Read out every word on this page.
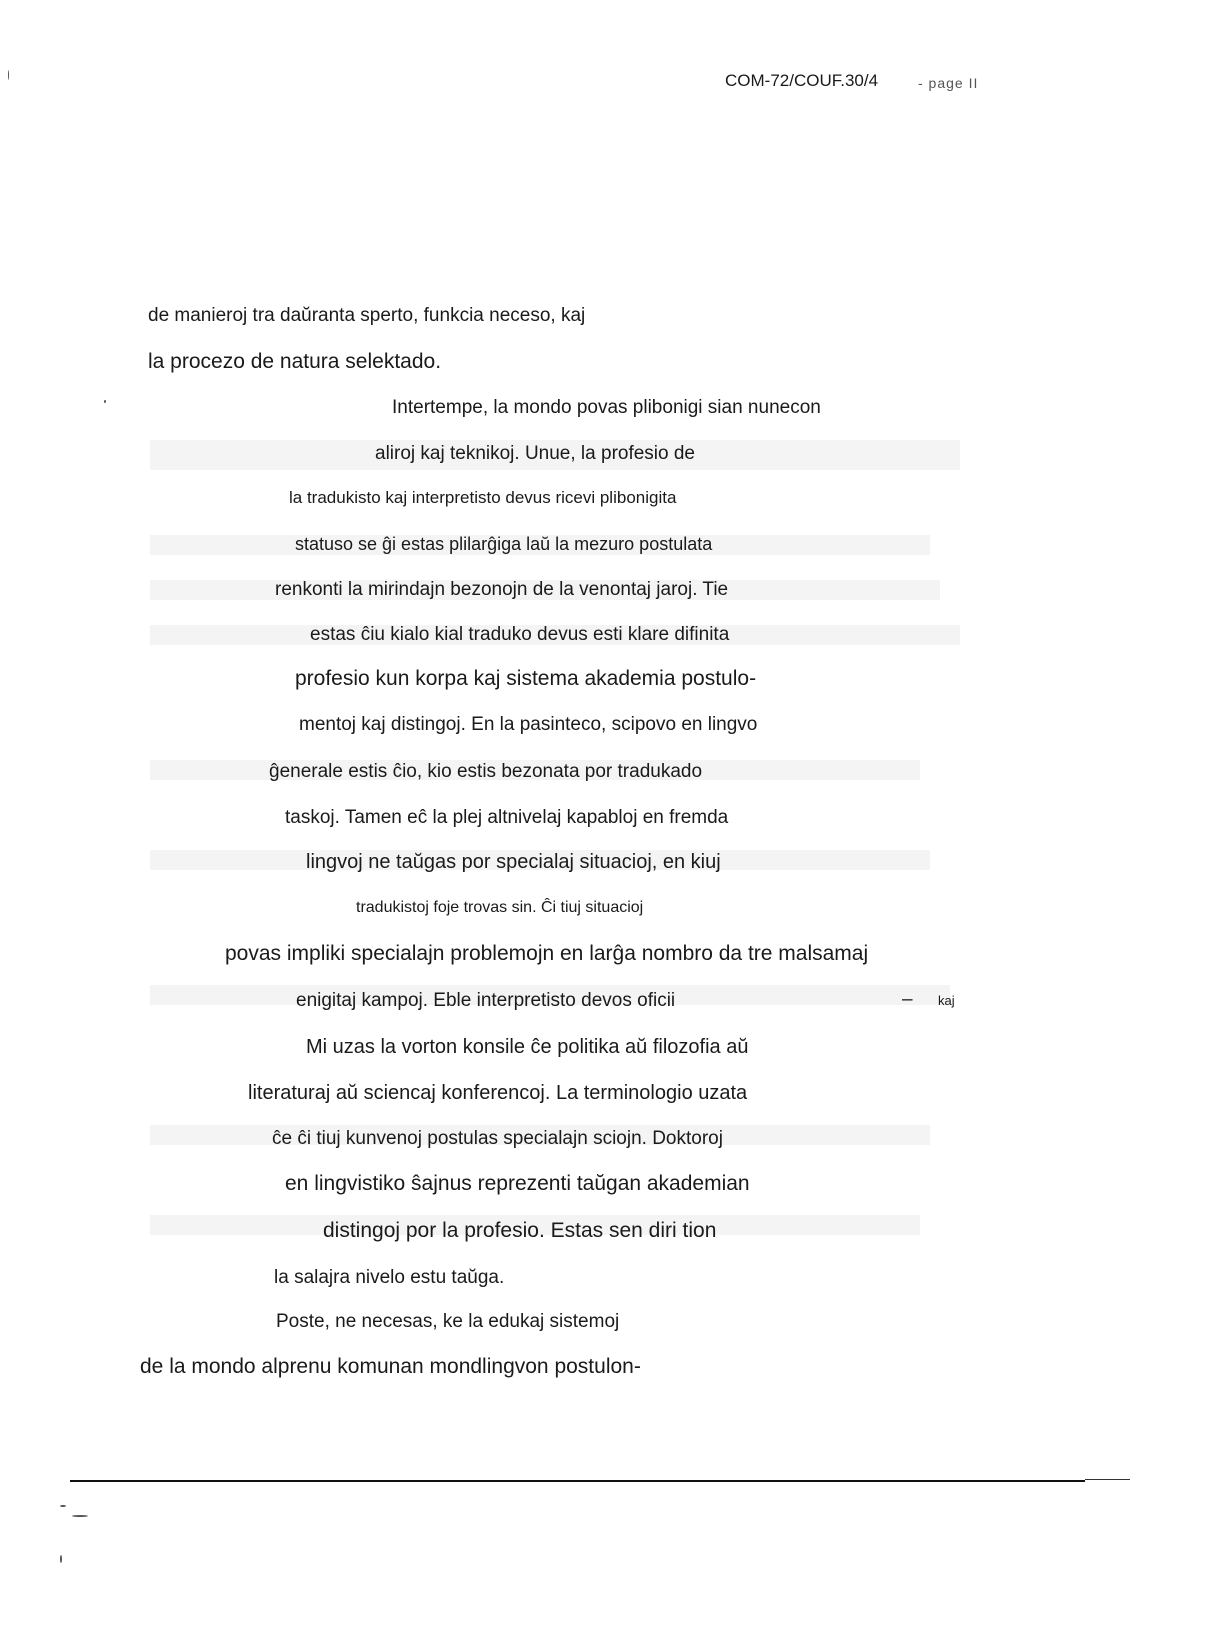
COM-72/COUF.30/4	- page II
de manieroj tra daŭranta sperto, funkcia neceso, kaj
la procezo de natura selektado.
Intertempe, la mondo povas plibonigi sian nunecon
aliroj kaj teknikoj. Unue, la profesio de
la tradukisto kaj interpretisto devus ricevi plibonigita
statuso se ĝi estas plilarĝiga laŭ la mezuro postulata
renkonti la mirindajn bezonojn de la venontaj jaroj. Tie
estas ĉiu kialo kial traduko devus esti klare difinita
profesio kun korpa kaj sistema akademia postulo-
mentoj kaj distingoj. En la pasinteco, scipovo en lingvo
ĝenerale estis ĉio, kio estis bezonata por tradukado
taskoj. Tamen eĉ la plej altnivelaj kapabloj en fremda
lingvoj ne taŭgas por specialaj situacioj, en kiuj
tradukistoj foje trovas sin. Ĉi tiuj situacioj
povas impliki specialajn problemojn en larĝa nombro da tre malsamaj
enigitaj kampoj. Eble interpretisto devos oficii	– kaj
Mi uzas la vorton konsile ĉe politika aŭ filozofia aŭ
literaturaj aŭ sciencaj konferencoj. La terminologio uzata
ĉe ĉi tiuj kunvenoj postulas specialajn sciojn. Doktoroj
en lingvistiko ŝajnus reprezenti taŭgan akademian
distingoj por la profesio. Estas sen diri tion
la salajra nivelo estu taŭga.
Poste, ne necesas, ke la edukaj sistemoj
de la mondo alprenu komunan mondlingvon postulon-
